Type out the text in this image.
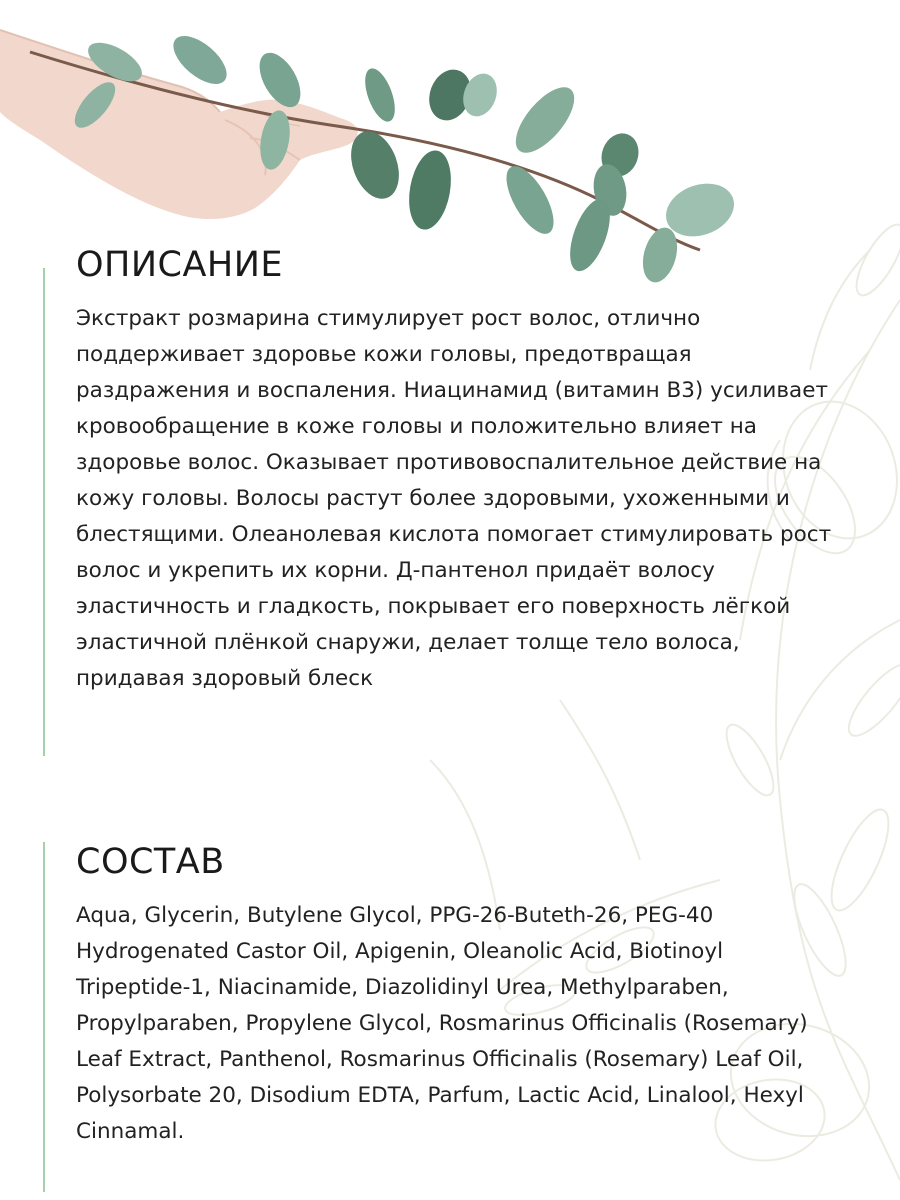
ОПИСАНИЕ

Экстракт розмарина стимулирует рост волос, отлично поддерживает здоровье кожи головы, предотвращая раздражения и воспаления. Ниацинамид (витамин B3) усиливает кровообращение в коже головы и положительно влияет на здоровье волос. Оказывает противовоспалительное действие на кожу головы. Волосы растут более здоровыми, ухоженными и блестящими. Олеанолевая кислота помогает стимулировать рост волос и укрепить их корни. Д-пантенол придаёт волосу эластичность и гладкость, покрывает его поверхность лёгкой эластичной плёнкой снаружи, делает толще тело волоса, придавая здоровый блеск

СОСТАВ

Aqua, Glycerin, Butylene Glycol, PPG-26-Buteth-26, PEG-40 Hydrogenated Castor Oil, Apigenin, Oleanolic Acid, Biotinoyl Tripeptide-1, Niacinamide, Diazolidinyl Urea, Methylparaben, Propylparaben, Propylene Glycol, Rosmarinus Officinalis (Rosemary) Leaf Extract, Panthenol, Rosmarinus Officinalis (Rosemary) Leaf Oil, Polysorbate 20, Disodium EDTA, Parfum, Lactic Acid, Linalool, Hexyl Cinnamal.
